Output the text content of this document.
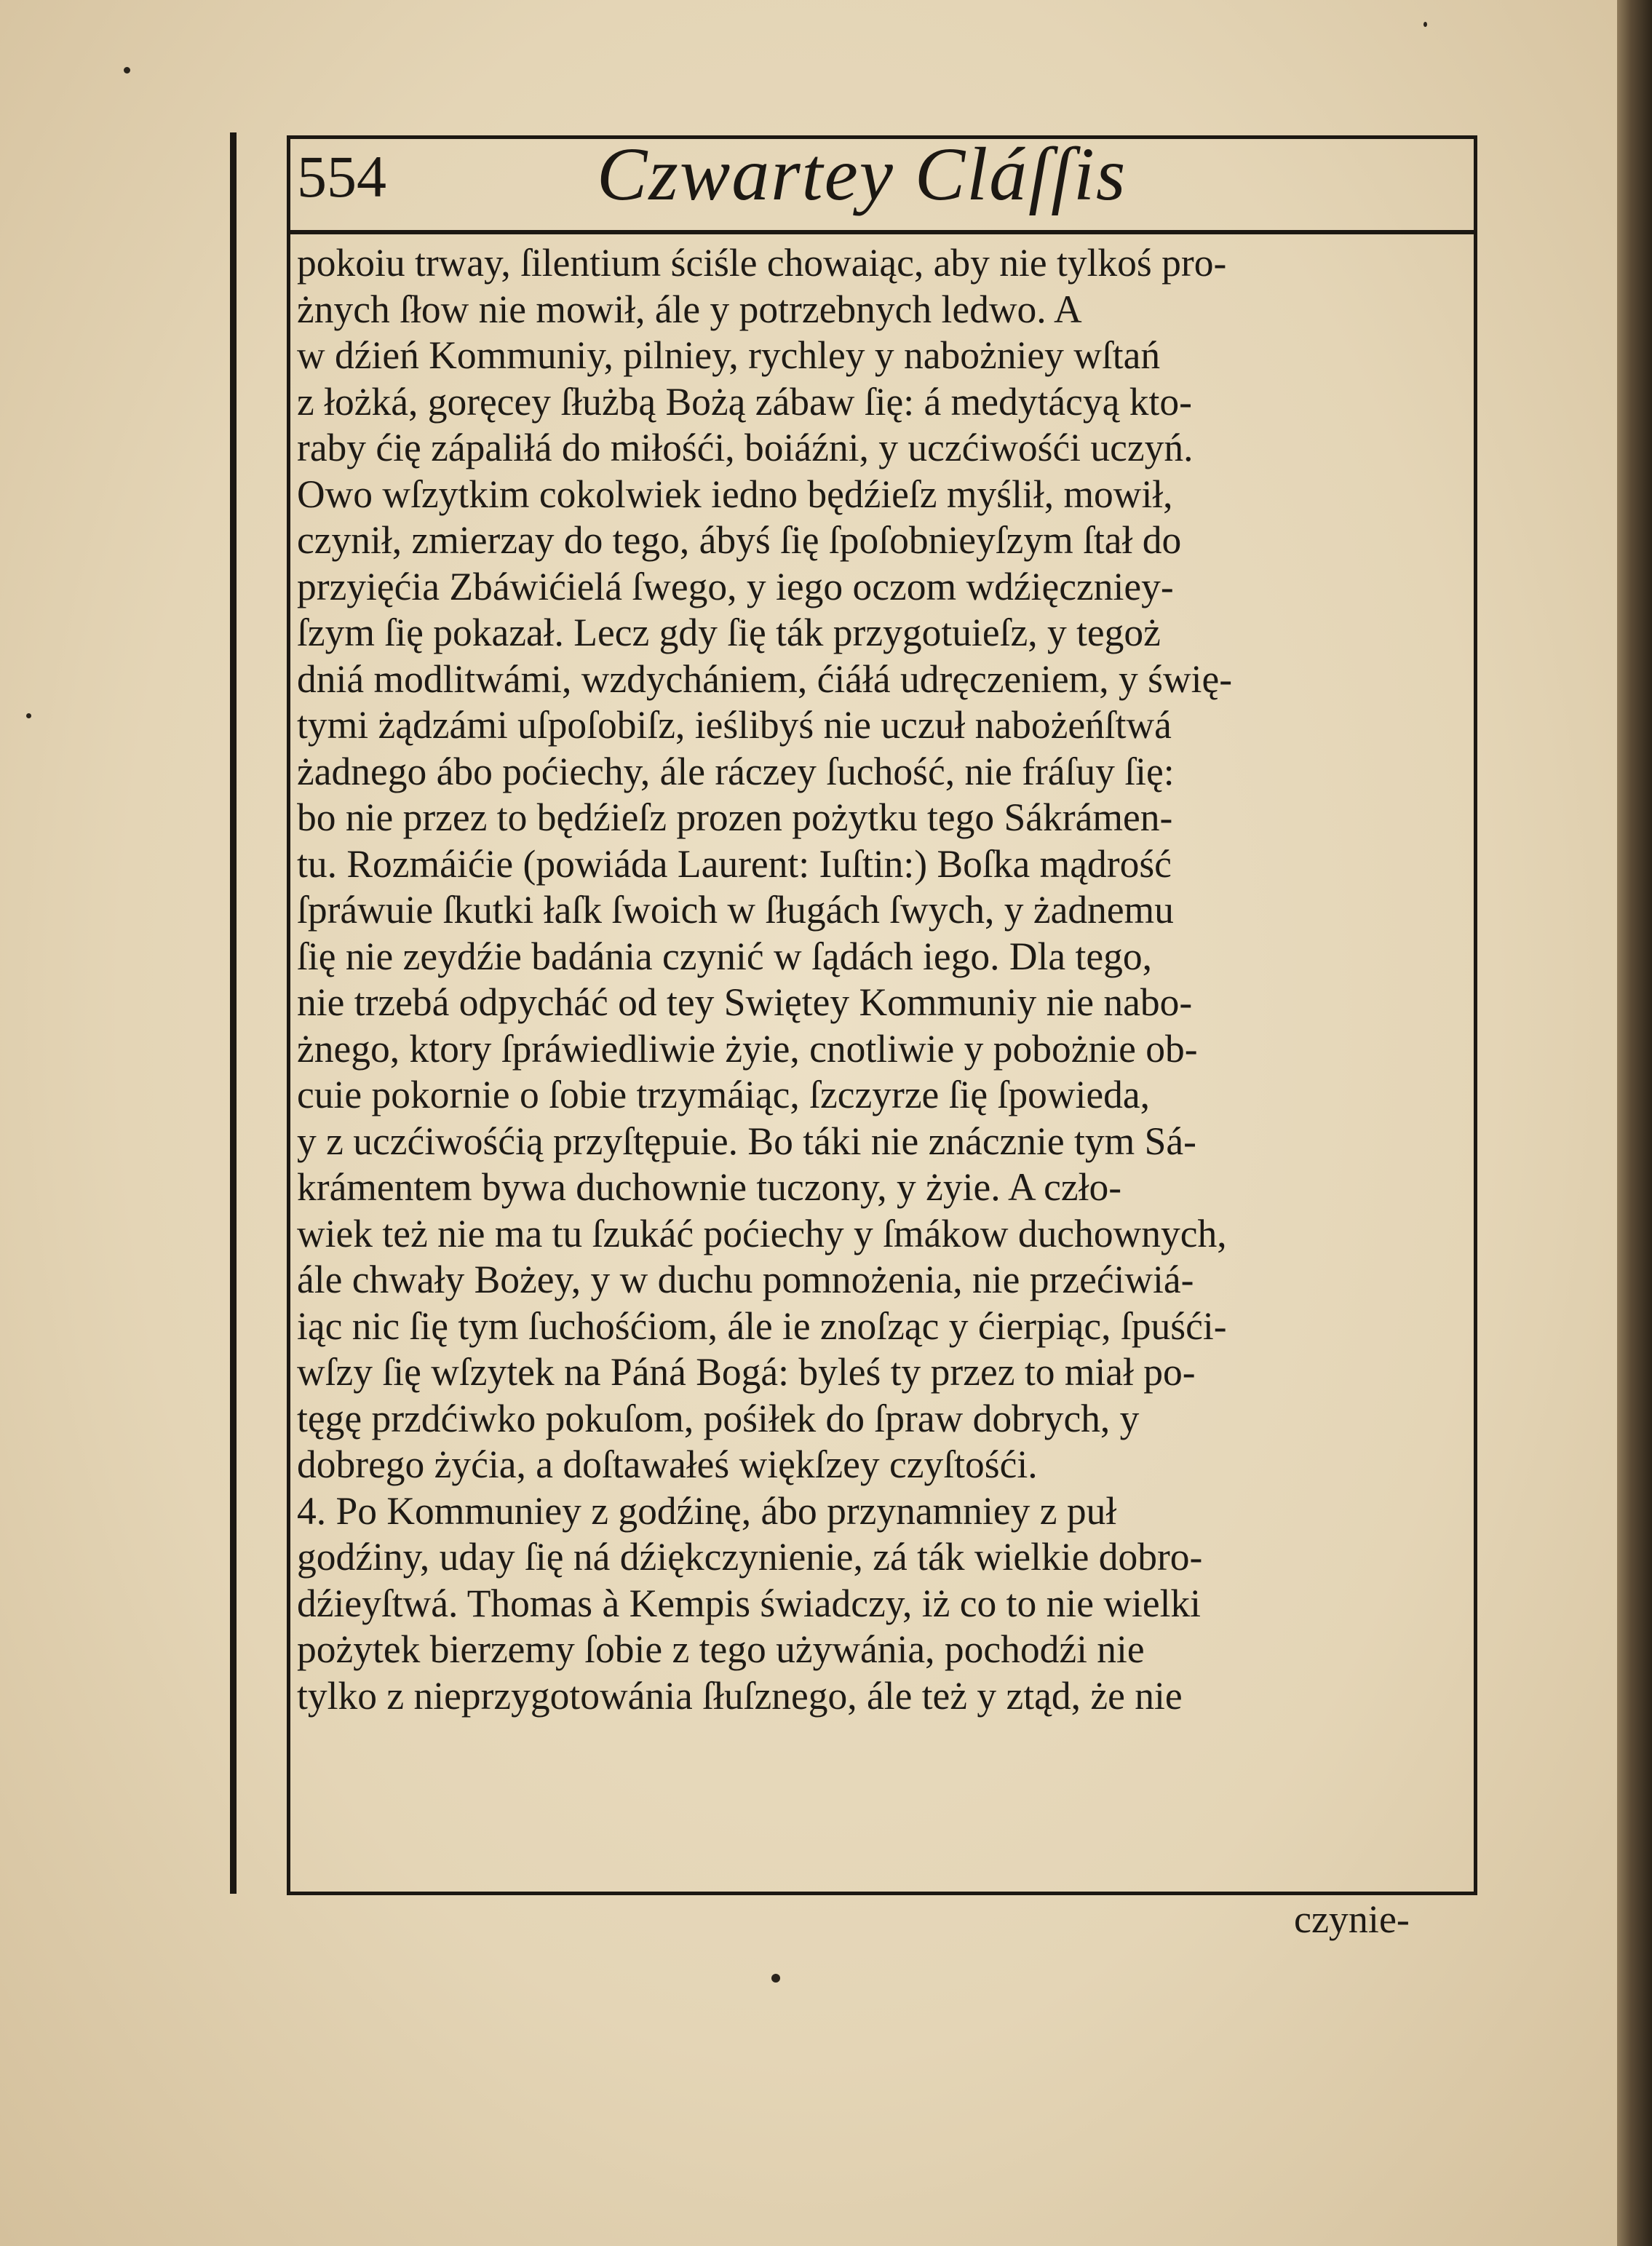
554	Czwartey Cláſſis
pokoiu trway, ſilentium ściśle chowaiąc, aby nie tylkoś pro-
żnych ſłow nie mowił, ále y potrzebnych ledwo. A
w dźień Kommuniy, pilniey, rychley y nabożniey wſtań
z łożká, goręcey ſłużbą Bożą zábaw ſię: á medytácyą kto-
raby ćię zápaliłá do miłośći, boiáźni, y uczćiwośći uczyń.
Owo wſzytkim cokolwiek iedno będźieſz myślił, mowił,
czynił, zmierzay do tego, ábyś ſię ſpoſobnieyſzym ſtał do
przyięćia Zbáwićielá ſwego, y iego oczom wdźięczniey-
ſzym ſię pokazał. Lecz gdy ſię ták przygotuieſz, y tegoż
dniá modlitwámi, wzdychániem, ćiáłá udręczeniem, y świę-
tymi żądzámi uſpoſobiſz, ieślibyś nie uczuł nabożeńſtwá
żadnego ábo poćiechy, ále ráczey ſuchość, nie fráſuy ſię:
bo nie przez to będźieſz prozen pożytku tego Sákrámen-
tu. Rozmáićie (powiáda Laurent: Iuſtin:) Boſka mądrość
ſpráwuie ſkutki łaſk ſwoich w ſługách ſwych, y żadnemu
ſię nie zeydźie badánia czynić w ſądách iego. Dla tego,
nie trzebá odpycháć od tey Swiętey Kommuniy nie nabo-
żnego, ktory ſpráwiedliwie żyie, cnotliwie y pobożnie ob-
cuie pokornie o ſobie trzymáiąc, ſzczyrze ſię ſpowieda,
y z uczćiwośćią przyſtępuie. Bo táki nie znácznie tym Sá-
krámentem bywa duchownie tuczony, y żyie. A czło-
wiek też nie ma tu ſzukáć poćiechy y ſmákow duchownych,
ále chwały Bożey, y w duchu pomnożenia, nie przećiwiá-
iąc nic ſię tym ſuchośćiom, ále ie znoſząc y ćierpiąc, ſpuśći-
wſzy ſię wſzytek na Páná Bogá: byleś ty przez to miał po-
tęgę przdćiwko pokuſom, pośiłek do ſpraw dobrych, y
dobrego żyćia, a doſtawałeś więkſzey czyſtośći.
4. Po Kommuniey z godźinę, ábo przynamniey z puł
godźiny, uday ſię ná dźiękczynienie, zá ták wielkie dobro-
dźieyſtwá. Thomas à Kempis świadczy, iż co to nie wielki
pożytek bierzemy ſobie z tego używánia, pochodźi nie
tylko z nieprzygotowánia ſłuſznego, ále też y ztąd, że nie
czynie-
